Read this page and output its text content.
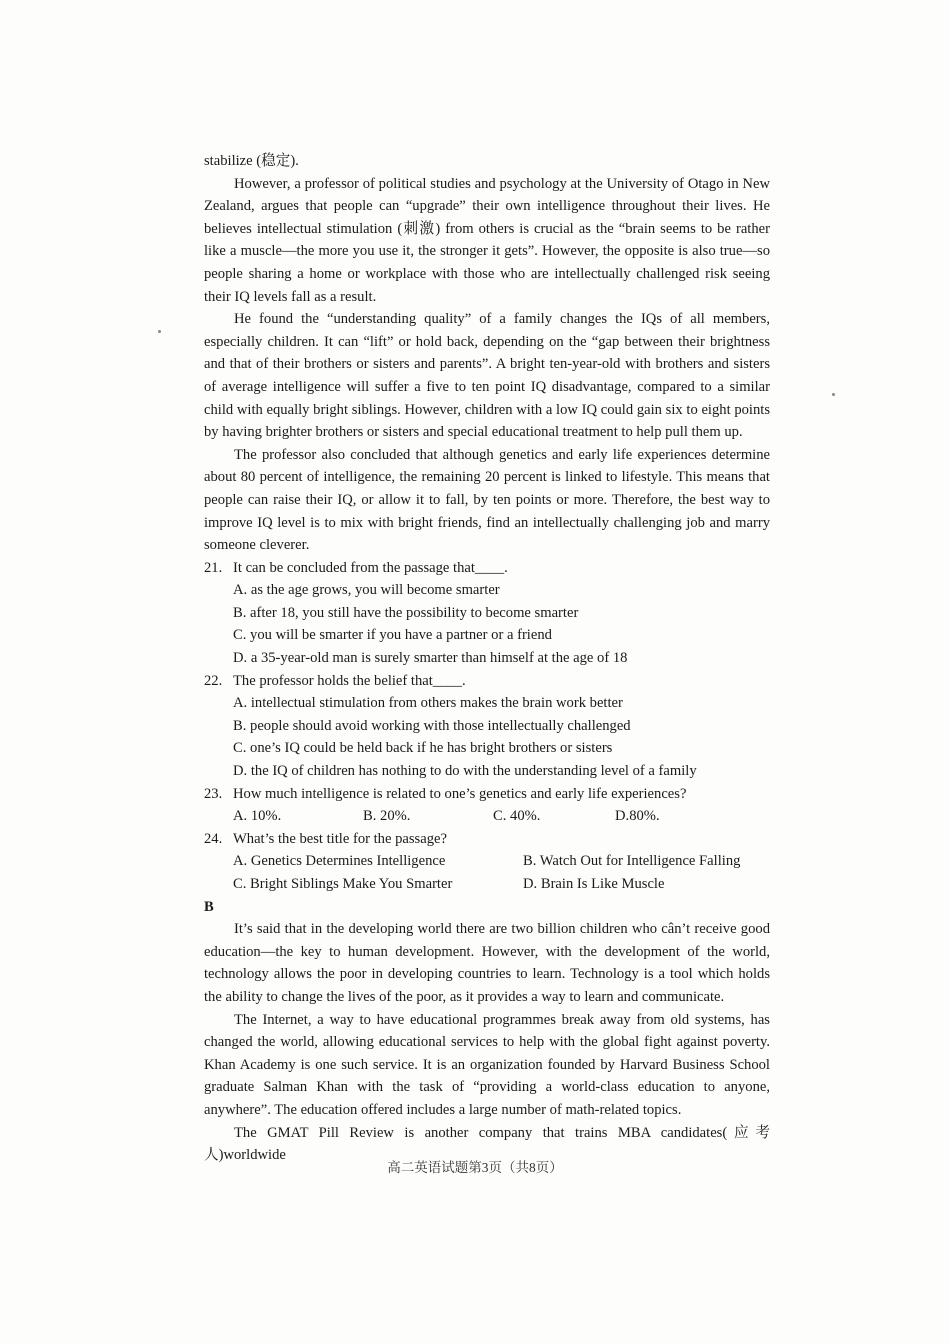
stabilize (稳定).

However, a professor of political studies and psychology at the University of Otago in New Zealand, argues that people can “upgrade” their own intelligence throughout their lives. He believes intellectual stimulation (刺激) from others is crucial as the “brain seems to be rather like a muscle—the more you use it, the stronger it gets”. However, the opposite is also true—so people sharing a home or workplace with those who are intellectually challenged risk seeing their IQ levels fall as a result.

He found the “understanding quality” of a family changes the IQs of all members, especially children. It can “lift” or hold back, depending on the “gap between their brightness and that of their brothers or sisters and parents”. A bright ten-year-old with brothers and sisters of average intelligence will suffer a five to ten point IQ disadvantage, compared to a similar child with equally bright siblings. However, children with a low IQ could gain six to eight points by having brighter brothers or sisters and special educational treatment to help pull them up.

The professor also concluded that although genetics and early life experiences determine about 80 percent of intelligence, the remaining 20 percent is linked to lifestyle. This means that people can raise their IQ, or allow it to fall, by ten points or more. Therefore, the best way to improve IQ level is to mix with bright friends, find an intellectually challenging job and marry someone cleverer.

21. It can be concluded from the passage that____.

A. as the age grows, you will become smarter

B. after 18, you still have the possibility to become smarter

C. you will be smarter if you have a partner or a friend

D. a 35-year-old man is surely smarter than himself at the age of 18

22. The professor holds the belief that____.

A. intellectual stimulation from others makes the brain work better

B. people should avoid working with those intellectually challenged

C. one’s IQ could be held back if he has bright brothers or sisters

D. the IQ of children has nothing to do with the understanding level of a family

23. How much intelligence is related to one’s genetics and early life experiences?
A. 10%.	B. 20%.	C. 40%.	D.80%.
24. What’s the best title for the passage?
A. Genetics Determines Intelligence	B. Watch Out for Intelligence Falling
C. Bright Siblings Make You Smarter	D. Brain Is Like Muscle

B

It’s said that in the developing world there are two billion children who cân’t receive good education—the key to human development. However, with the development of the world, technology allows the poor in developing countries to learn. Technology is a tool which holds the ability to change the lives of the poor, as it provides a way to learn and communicate.

The Internet, a way to have educational programmes break away from old systems, has changed the world, allowing educational services to help with the global fight against poverty. Khan Academy is one such service. It is an organization founded by Harvard Business School graduate Salman Khan with the task of “providing a world-class education to anyone, anywhere”. The education offered includes a large number of math-related topics.

The GMAT Pill Review is another company that trains MBA candidates(应考人)worldwide

高二英语试题第3页（共8页）
